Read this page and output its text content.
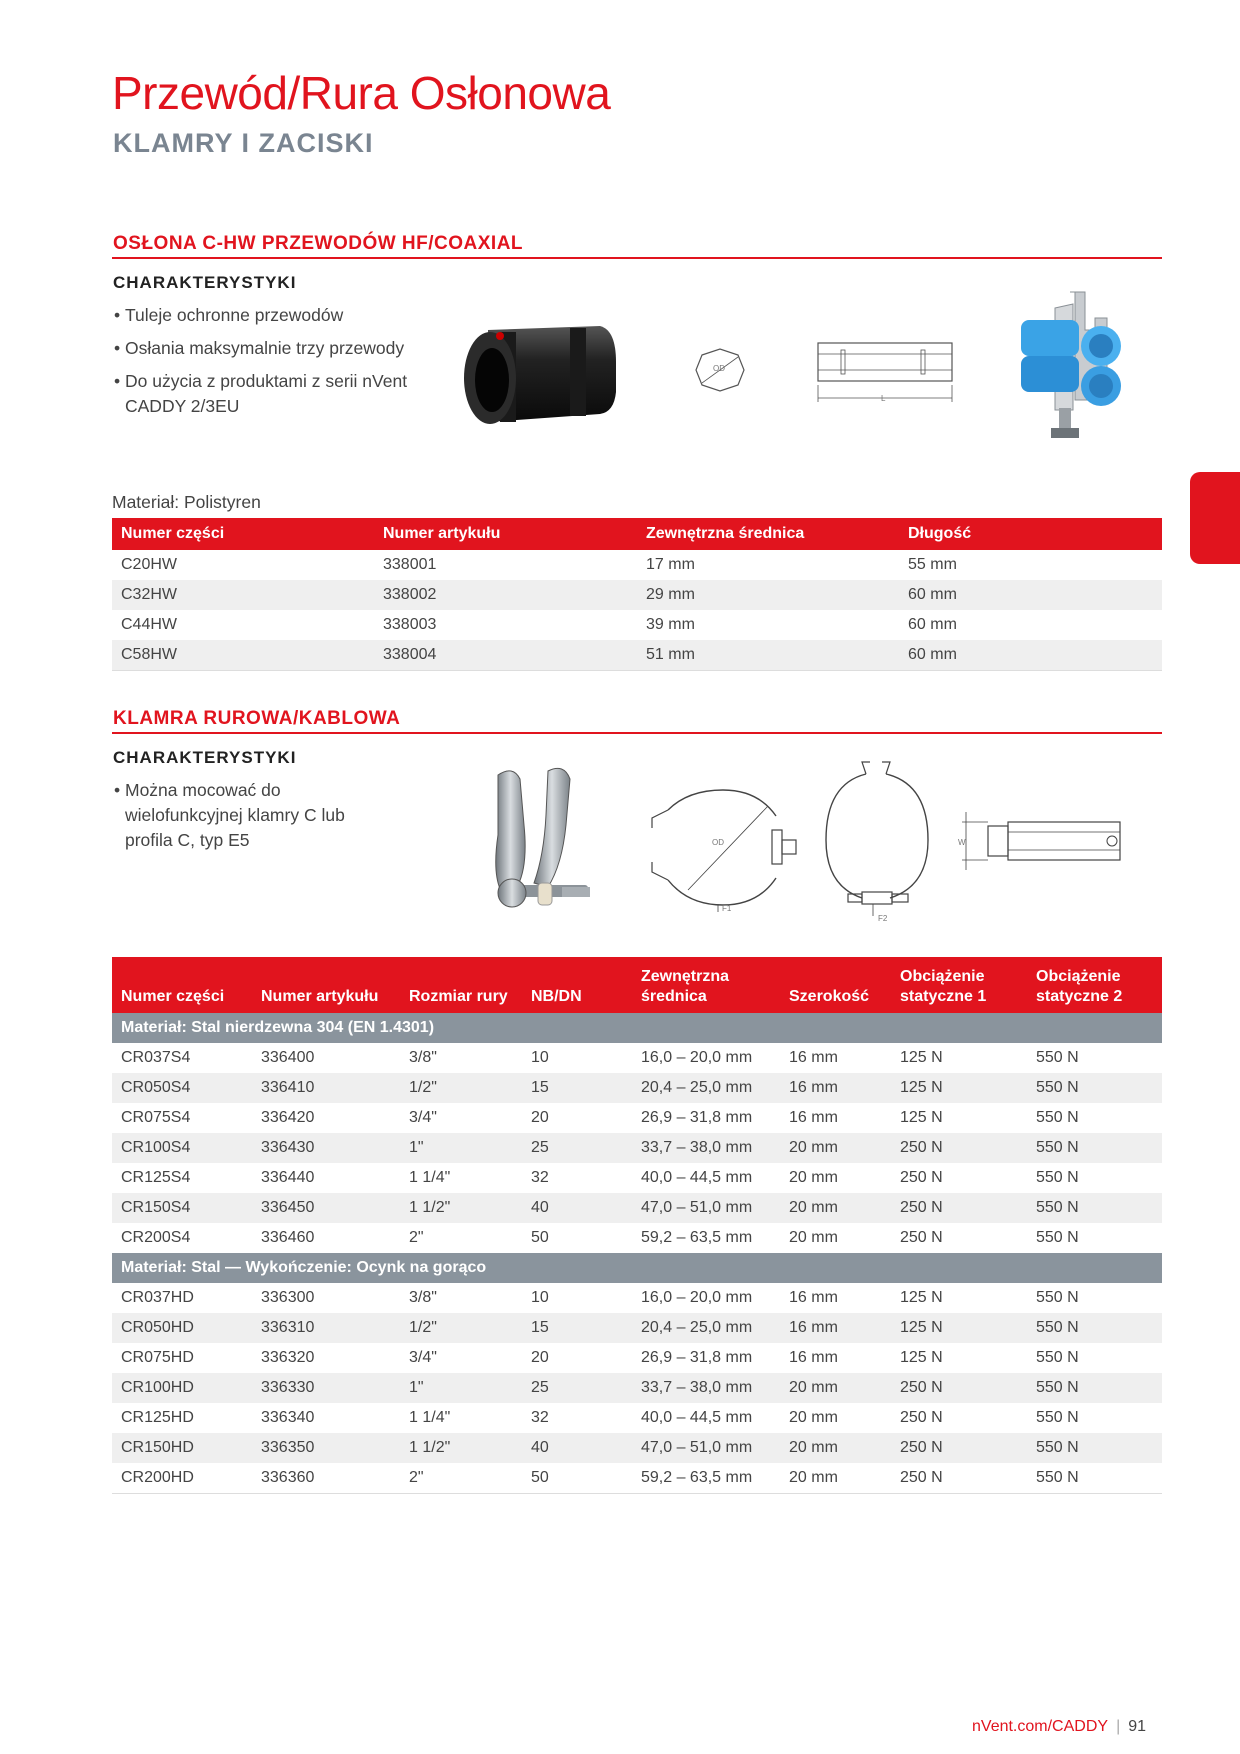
Przewód/Rura Osłonowa
KLAMRY I ZACISKI
OSŁONA C-HW PRZEWODÓW HF/COAXIAL
CHARAKTERYSTYKI
• Tuleje ochronne przewodów
• Osłania maksymalnie trzy przewody
• Do użycia z produktami z serii nVent CADDY 2/3EU
OD
L
Materiał: Polistyren
Numer części	Numer artykułu	Zewnętrzna średnica	Długość
C20HW	338001	17 mm	55 mm
C32HW	338002	29 mm	60 mm
C44HW	338003	39 mm	60 mm
C58HW	338004	51 mm	60 mm
KLAMRA RUROWA/KABLOWA
CHARAKTERYSTYKI
• Można mocować do wielofunkcyjnej klamry C lub profila C, typ E5	OD
F1
F2
W
Numer części	Numer artykułu	Rozmiar rury	NB/DN	Zewnętrzna średnica	Szerokość	Obciążenie statyczne 1	Obciążenie statyczne 2
Materiał: Stal nierdzewna 304 (EN 1.4301)							
CR037S4	336400	3/8"	10	16,0 – 20,0 mm	16 mm	125 N	550 N
CR050S4	336410	1/2"	15	20,4 – 25,0 mm	16 mm	125 N	550 N
CR075S4	336420	3/4"	20	26,9 – 31,8 mm	16 mm	125 N	550 N
CR100S4	336430	1"	25	33,7 – 38,0 mm	20 mm	250 N	550 N
CR125S4	336440	1 1/4"	32	40,0 – 44,5 mm	20 mm	250 N	550 N
CR150S4	336450	1 1/2"	40	47,0 – 51,0 mm	20 mm	250 N	550 N
CR200S4	336460	2"	50	59,2 – 63,5 mm	20 mm	250 N	550 N
Materiał: Stal — Wykończenie: Ocynk na gorąco							
CR037HD	336300	3/8"	10	16,0 – 20,0 mm	16 mm	125 N	550 N
CR050HD	336310	1/2"	15	20,4 – 25,0 mm	16 mm	125 N	550 N
CR075HD	336320	3/4"	20	26,9 – 31,8 mm	16 mm	125 N	550 N
CR100HD	336330	1"	25	33,7 – 38,0 mm	20 mm	250 N	550 N
CR125HD	336340	1 1/4"	32	40,0 – 44,5 mm	20 mm	250 N	550 N
CR150HD	336350	1 1/2"	40	47,0 – 51,0 mm	20 mm	250 N	550 N
CR200HD	336360	2"	50	59,2 – 63,5 mm	20 mm	250 N	550 N
nVent.com/CADDY | 91
